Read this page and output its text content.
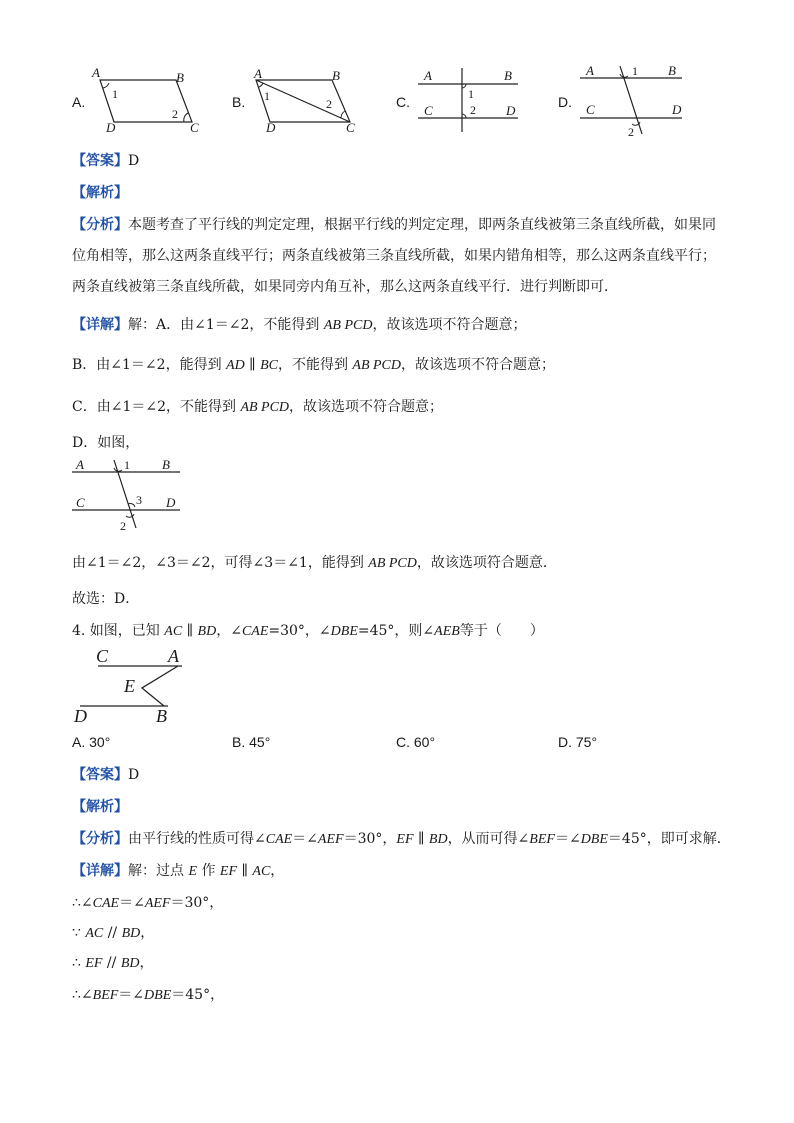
A.
A	B
C
D
1
2
B.
A	B
C
D
1
2	C.
A	B
C	D
1
2	D.
A	B
C	D
1
2
【答案】D
【解析】
【分析】本题考查了平行线的判定定理，根据平行线的判定定理，即两条直线被第三条直线所截，如果同
位角相等，那么这两条直线平行；两条直线被第三条直线所截，如果内错角相等，那么这两条直线平行；
两条直线被第三条直线所截，如果同旁内角互补，那么这两条直线平行．进行判断即可．
【详解】解：A．由∠1＝∠2，不能得到 AB PCD，故该选项不符合题意；
B．由∠1＝∠2，能得到 AD ∥ BC，不能得到 AB PCD，故该选项不符合题意；
C．由∠1＝∠2，不能得到 AB PCD，故该选项不符合题意；
D．如图，
A	B
C	D
1
3
2
由∠1＝∠2，∠3＝∠2，可得∠3＝∠1，能得到 AB PCD，故该选项符合题意．
故选：D．
4. 如图，已知 AC ∥ BD，∠CAE=30°，∠DBE=45°，则∠AEB等于（　　）
C	A
E
D	B
A. 30°	B. 45°	C. 60°	D. 75°
【答案】D
【解析】
【分析】由平行线的性质可得∠CAE＝∠AEF＝30°，EF ∥ BD，从而可得∠BEF＝∠DBE＝45°，即可求解．
【详解】解：过点 E 作 EF ∥ AC，
∴∠CAE＝∠AEF＝30°，
∵ AC // BD，
∴ EF // BD，
∴∠BEF＝∠DBE＝45°，
